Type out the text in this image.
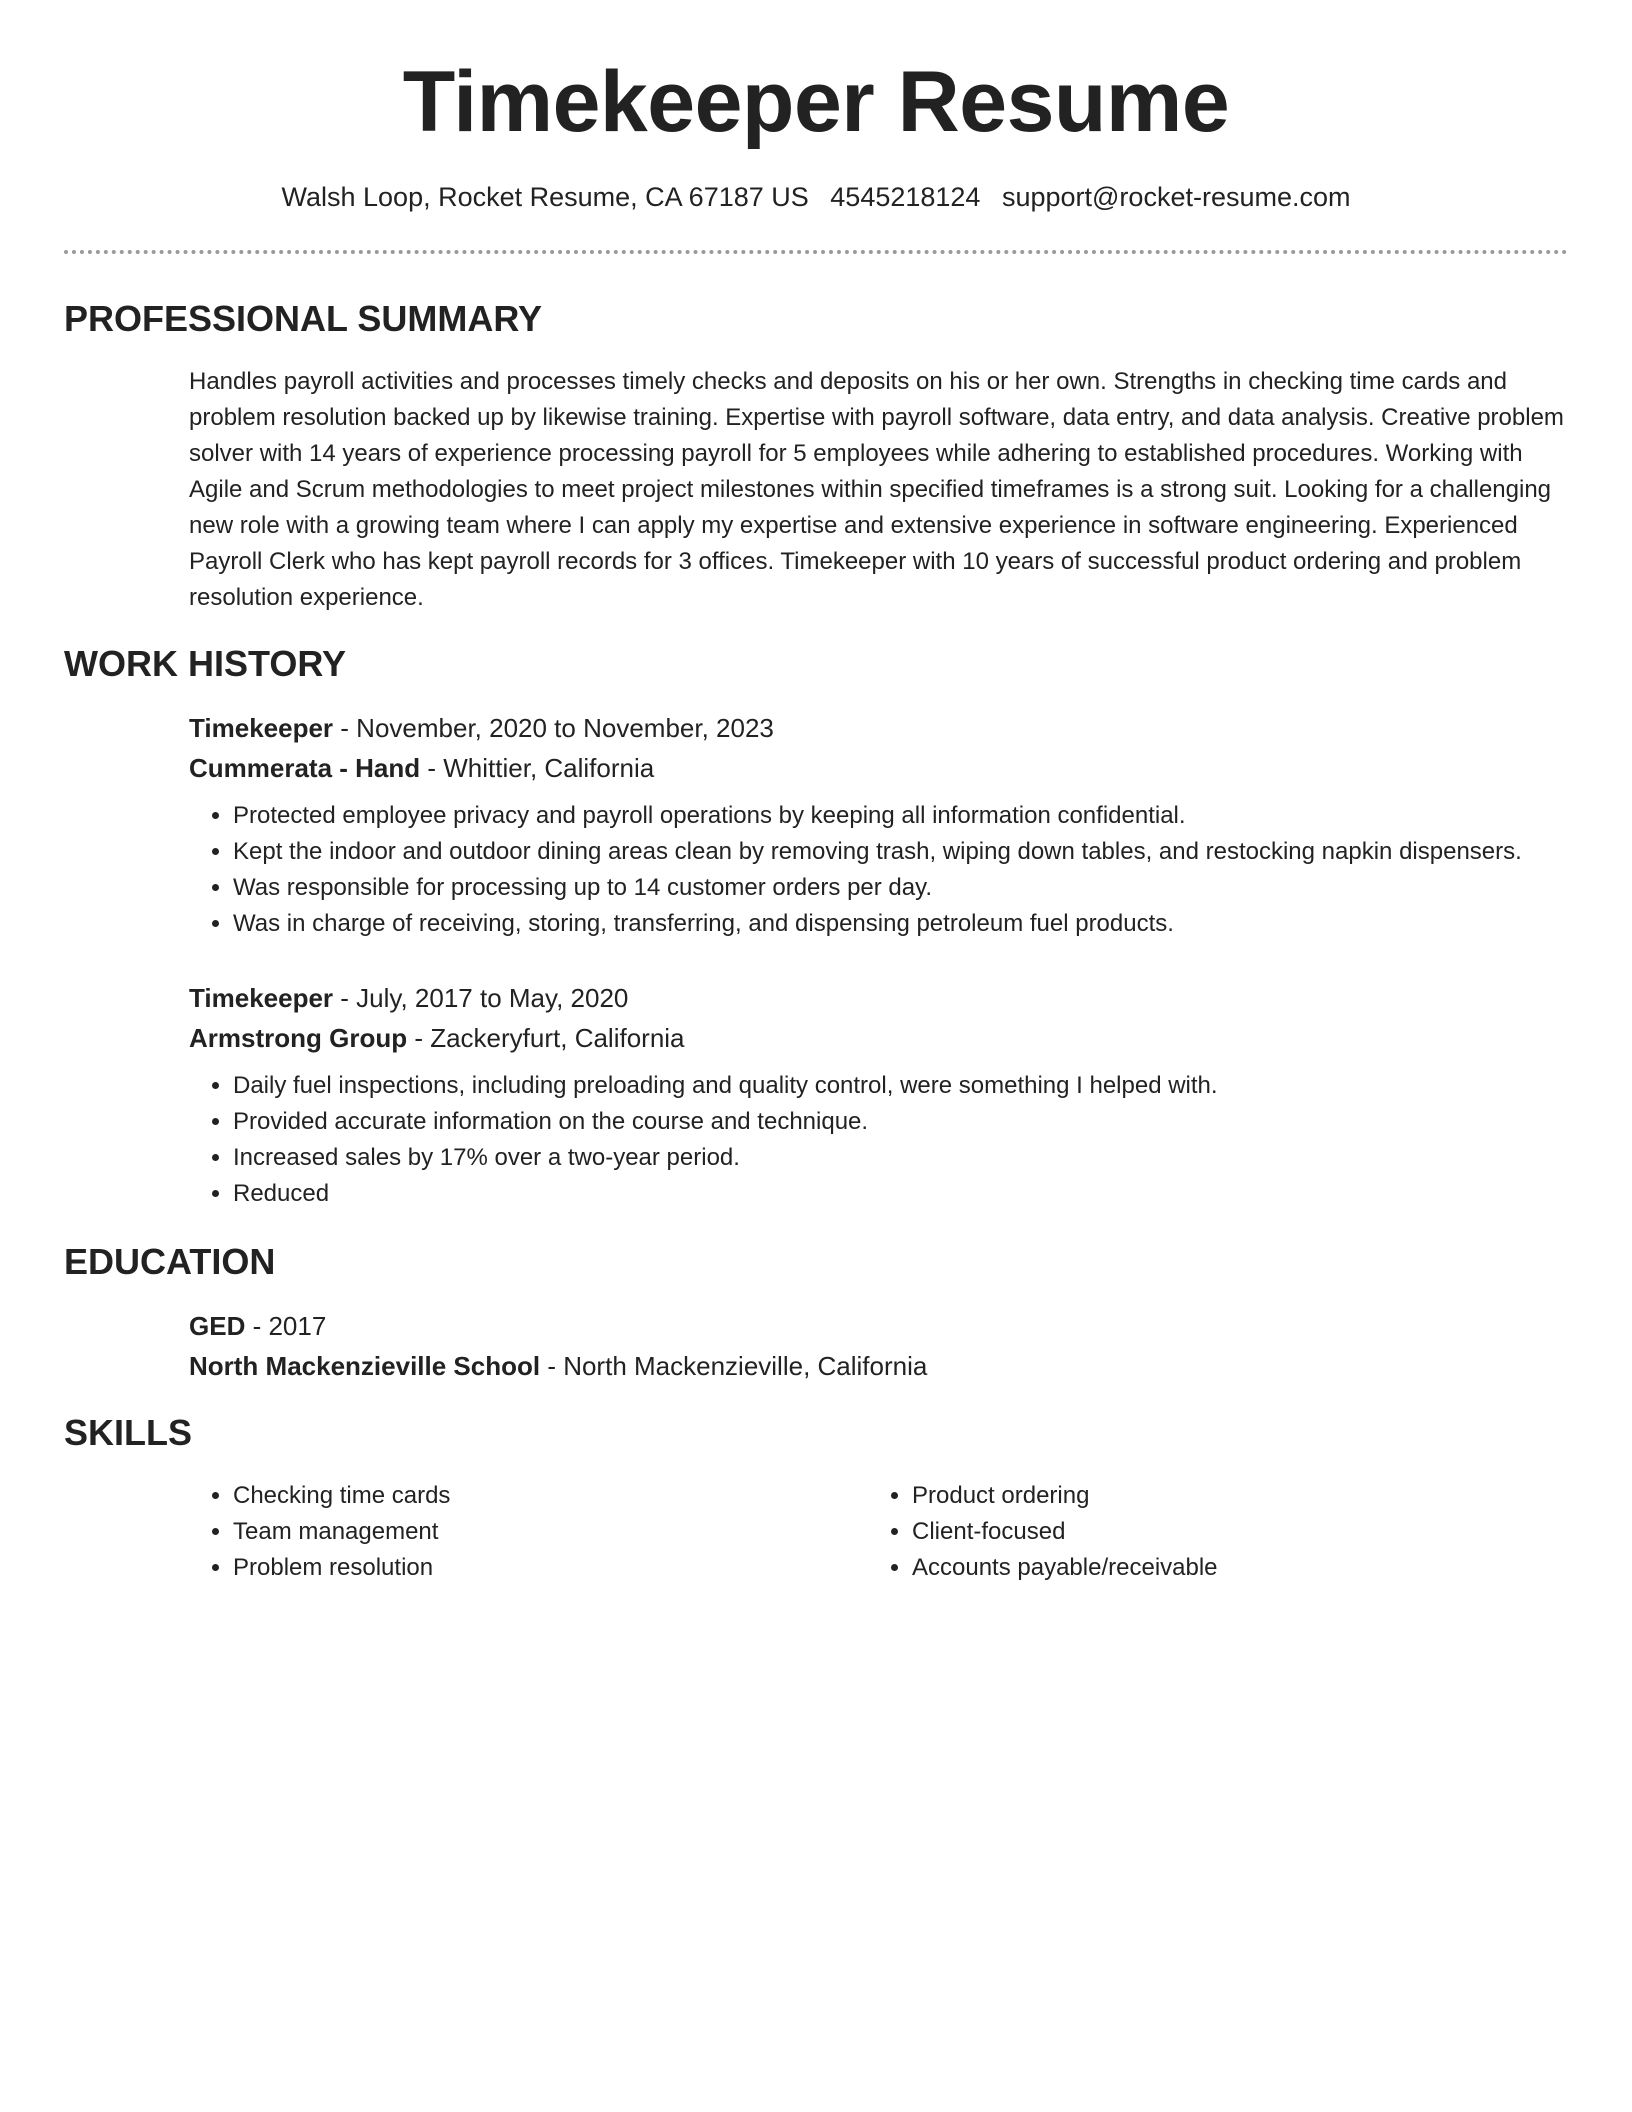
Timekeeper Resume
Walsh Loop, Rocket Resume, CA 67187 US 4545218124 support@rocket-resume.com
PROFESSIONAL SUMMARY

Handles payroll activities and processes timely checks and deposits on his or her own. Strengths in checking time cards and problem resolution backed up by likewise training. Expertise with payroll software, data entry, and data analysis. Creative problem solver with 14 years of experience processing payroll for 5 employees while adhering to established procedures. Working with Agile and Scrum methodologies to meet project milestones within specified timeframes is a strong suit. Looking for a challenging new role with a growing team where I can apply my expertise and extensive experience in software engineering. Experienced Payroll Clerk who has kept payroll records for 3 offices. Timekeeper with 10 years of successful product ordering and problem resolution experience.

WORK HISTORY

Timekeeper - November, 2020 to November, 2023

Cummerata - Hand - Whittier, California

• Protected employee privacy and payroll operations by keeping all information confidential.
• Kept the indoor and outdoor dining areas clean by removing trash, wiping down tables, and restocking napkin dispensers.
• Was responsible for processing up to 14 customer orders per day.
• Was in charge of receiving, storing, transferring, and dispensing petroleum fuel products.

Timekeeper - July, 2017 to May, 2020

Armstrong Group - Zackeryfurt, California

• Daily fuel inspections, including preloading and quality control, were something I helped with.
• Provided accurate information on the course and technique.
• Increased sales by 17% over a two-year period.
• Reduced
EDUCATION

GED - 2017

North Mackenzieville School - North Mackenzieville, California

SKILLS
• Checking time cards
• Team management
• Problem resolution
• Product ordering
• Client-focused
• Accounts payable/receivable
